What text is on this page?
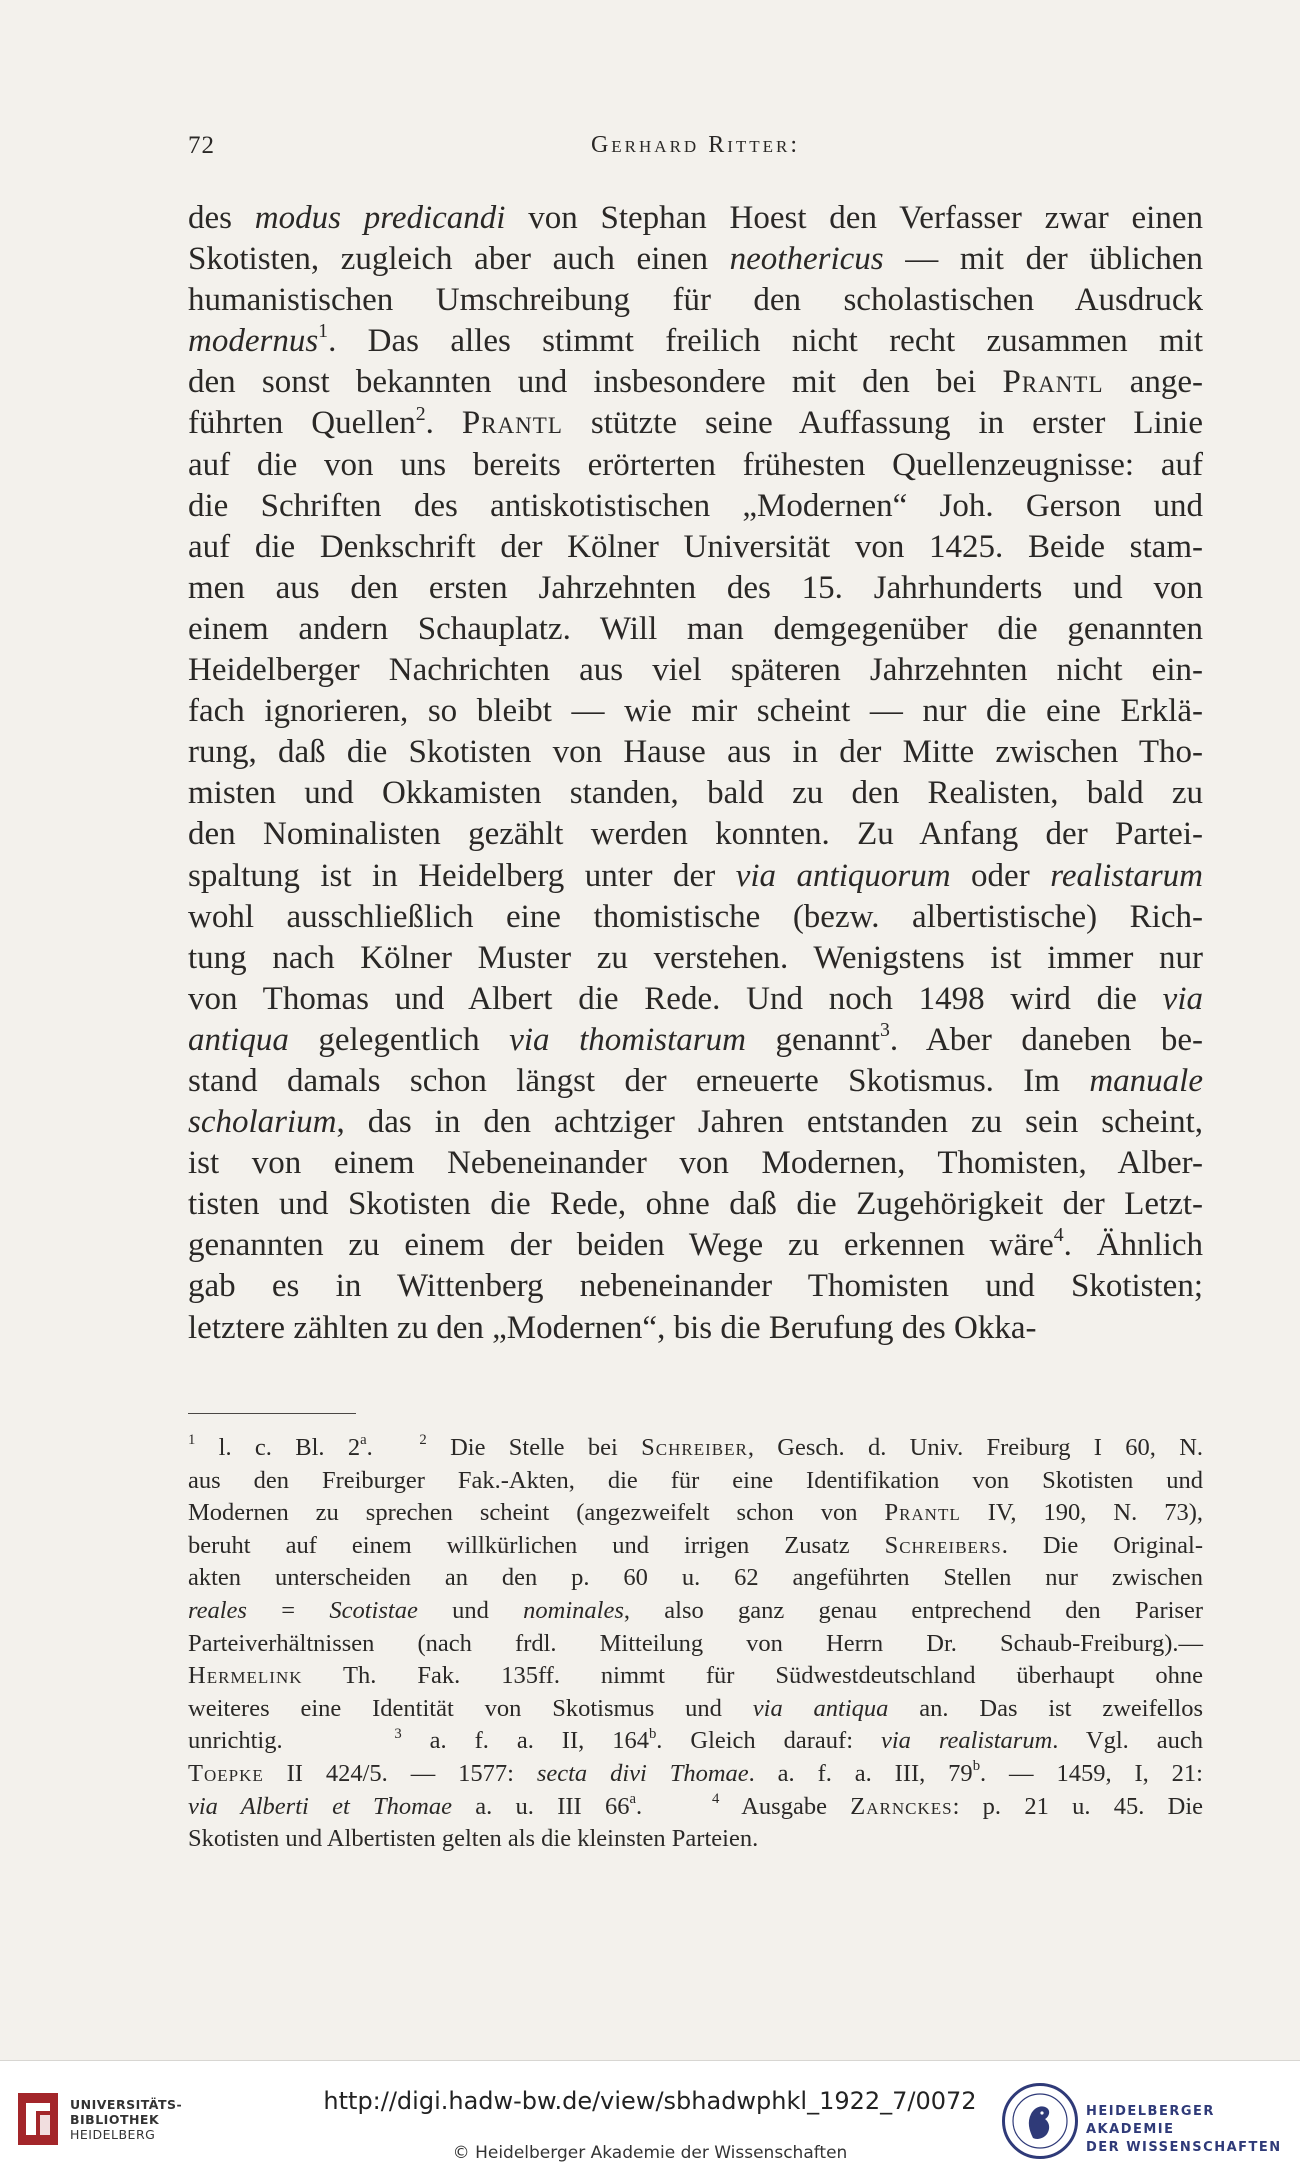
72	Gerhard Ritter:
des modus predicandi von Stephan Hoest den Verfasser zwar einen
Skotisten, zugleich aber auch einen neothericus — mit der üblichen
humanistischen Umschreibung für den scholastischen Ausdruck
modernus$^1$. Das alles stimmt freilich nicht recht zusammen mit
den sonst bekannten und insbesondere mit den bei Prantl ange-
führten Quellen$^2$. Prantl stützte seine Auffassung in erster Linie
auf die von uns bereits erörterten frühesten Quellenzeugnisse: auf
die Schriften des antiskotistischen „Modernen“ Joh. Gerson und
auf die Denkschrift der Kölner Universität von 1425. Beide stam-
men aus den ersten Jahrzehnten des 15. Jahrhunderts und von
einem andern Schauplatz. Will man demgegenüber die genannten
Heidelberger Nachrichten aus viel späteren Jahrzehnten nicht ein-
fach ignorieren, so bleibt — wie mir scheint — nur die eine Erklä-
rung, daß die Skotisten von Hause aus in der Mitte zwischen Tho-
misten und Okkamisten standen, bald zu den Realisten, bald zu
den Nominalisten gezählt werden konnten. Zu Anfang der Partei-
spaltung ist in Heidelberg unter der via antiquorum oder realistarum
wohl ausschließlich eine thomistische (bezw. albertistische) Rich-
tung nach Kölner Muster zu verstehen. Wenigstens ist immer nur
von Thomas und Albert die Rede. Und noch 1498 wird die via
antiqua gelegentlich via thomistarum genannt$^3$. Aber daneben be-
stand damals schon längst der erneuerte Skotismus. Im manuale
scholarium, das in den achtziger Jahren entstanden zu sein scheint,
ist von einem Nebeneinander von Modernen, Thomisten, Alber-
tisten und Skotisten die Rede, ohne daß die Zugehörigkeit der Letzt-
genannten zu einem der beiden Wege zu erkennen wäre$^4$. Ähnlich
gab es in Wittenberg nebeneinander Thomisten und Skotisten;
letztere zählten zu den „Modernen“, bis die Berufung des Okka-
$^1$ l. c. Bl. 2$^a$.  $^2$ Die Stelle bei Schreiber, Gesch. d. Univ. Freiburg I 60, N.
aus den Freiburger Fak.-Akten, die für eine Identifikation von Skotisten und
Modernen zu sprechen scheint (angezweifelt schon von Prantl IV, 190, N. 73),
beruht auf einem willkürlichen und irrigen Zusatz Schreibers. Die Original-
akten unterscheiden an den p. 60 u. 62 angeführten Stellen nur zwischen
reales = Scotistae und nominales, also ganz genau entprechend den Pariser
Parteiverhältnissen (nach frdl. Mitteilung von Herrn Dr. Schaub-Freiburg).—
Hermelink Th. Fak. 135ff. nimmt für Südwestdeutschland überhaupt ohne
weiteres eine Identität von Skotismus und via antiqua an. Das ist zweifellos
unrichtig.    $^3$ a. f. a. II, 164$^b$. Gleich darauf: via realistarum. Vgl. auch
Toepke II 424/5. — 1577: secta divi Thomae. a. f. a. III, 79$^b$. — 1459, I, 21:
via Alberti et Thomae a. u. III 66$^a$.   $^4$ Ausgabe Zarnckes: p. 21 u. 45. Die
Skotisten und Albertisten gelten als die kleinsten Parteien.
UNIVERSITÄTS-
BIBLIOTHEK
HEIDELBERG
http://digi.hadw-bw.de/view/sbhadwphkl_1922_7/0072
© Heidelberger Akademie der Wissenschaften
HEIDELBERGER AKADEMIE
DER WISSENSCHAFTEN
